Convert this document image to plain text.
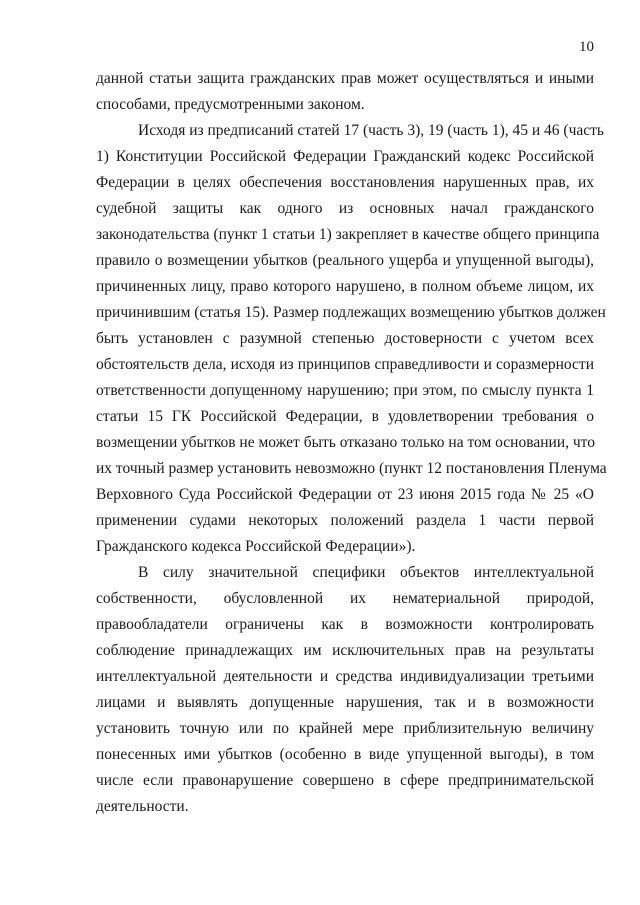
10
данной статьи защита гражданских прав может осуществляться и иными
способами, предусмотренными законом.
Исходя из предписаний статей 17 (часть 3), 19 (часть 1), 45 и 46 (часть
1) Конституции Российской Федерации Гражданский кодекс Российской
Федерации в целях обеспечения восстановления нарушенных прав, их
судебной защиты как одного из основных начал гражданского
законодательства (пункт 1 статьи 1) закрепляет в качестве общего принципа
правило о возмещении убытков (реального ущерба и упущенной выгоды),
причиненных лицу, право которого нарушено, в полном объеме лицом, их
причинившим (статья 15). Размер подлежащих возмещению убытков должен
быть установлен с разумной степенью достоверности с учетом всех
обстоятельств дела, исходя из принципов справедливости и соразмерности
ответственности допущенному нарушению; при этом, по смыслу пункта 1
статьи 15 ГК Российской Федерации, в удовлетворении требования о
возмещении убытков не может быть отказано только на том основании, что
их точный размер установить невозможно (пункт 12 постановления Пленума
Верховного Суда Российской Федерации от 23 июня 2015 года № 25 «О
применении судами некоторых положений раздела 1 части первой
Гражданского кодекса Российской Федерации»).
В силу значительной специфики объектов интеллектуальной
собственности, обусловленной их нематериальной природой,
правообладатели ограничены как в возможности контролировать
соблюдение принадлежащих им исключительных прав на результаты
интеллектуальной деятельности и средства индивидуализации третьими
лицами и выявлять допущенные нарушения, так и в возможности
установить точную или по крайней мере приблизительную величину
понесенных ими убытков (особенно в виде упущенной выгоды), в том
числе если правонарушение совершено в сфере предпринимательской
деятельности.
